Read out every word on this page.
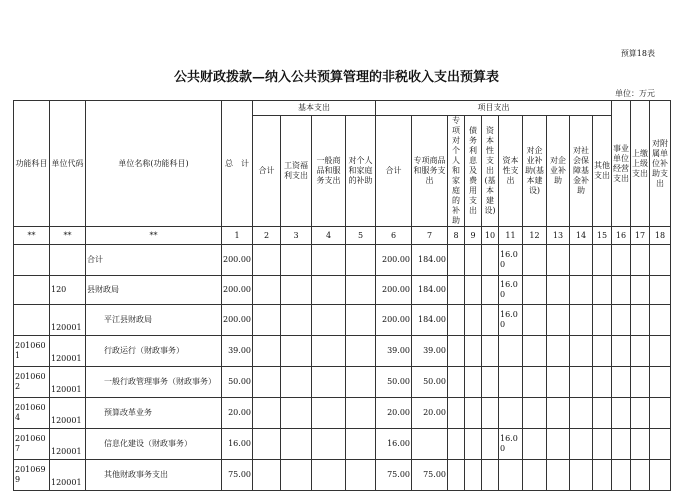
预算18表
公共财政拨款—纳入公共预算管理的非税收入支出预算表
单位：万元
功能科目	单位代码	单位名称(功能科目)	总　计	基本支出				项目支出										事业单位经营支出	上缴上级支出	对附属单位补助支出
				合计	工资福利支出	一般商品和服务支出	对个人和家庭的补助	合计	专项商品和服务支出	专项对个人和家庭的补助	债务利息及费用支出	资本性支出(基本建设)	资本性支出	对企业补助(基本建设)	对企业补助	对社会保障基金补助	其他支出			
**	**	**	1	2	3	4	5	6	7	8	9	10	11	12	13	14	15	16	17	18
		合计	200.00					200.00	184.00				16.00							
	120	县财政局	200.00					200.00	184.00				16.00							
	120001	平江县财政局	200.00					200.00	184.00				16.00							
2010601	120001	行政运行（财政事务）	39.00					39.00	39.00											
2010602	120001	一般行政管理事务（财政事务）	50.00					50.00	50.00											
2010604	120001	预算改革业务	20.00					20.00	20.00											
2010607	120001	信息化建设（财政事务）	16.00					16.00					16.00							
2010699	120001	其他财政事务支出	75.00					75.00	75.00											
